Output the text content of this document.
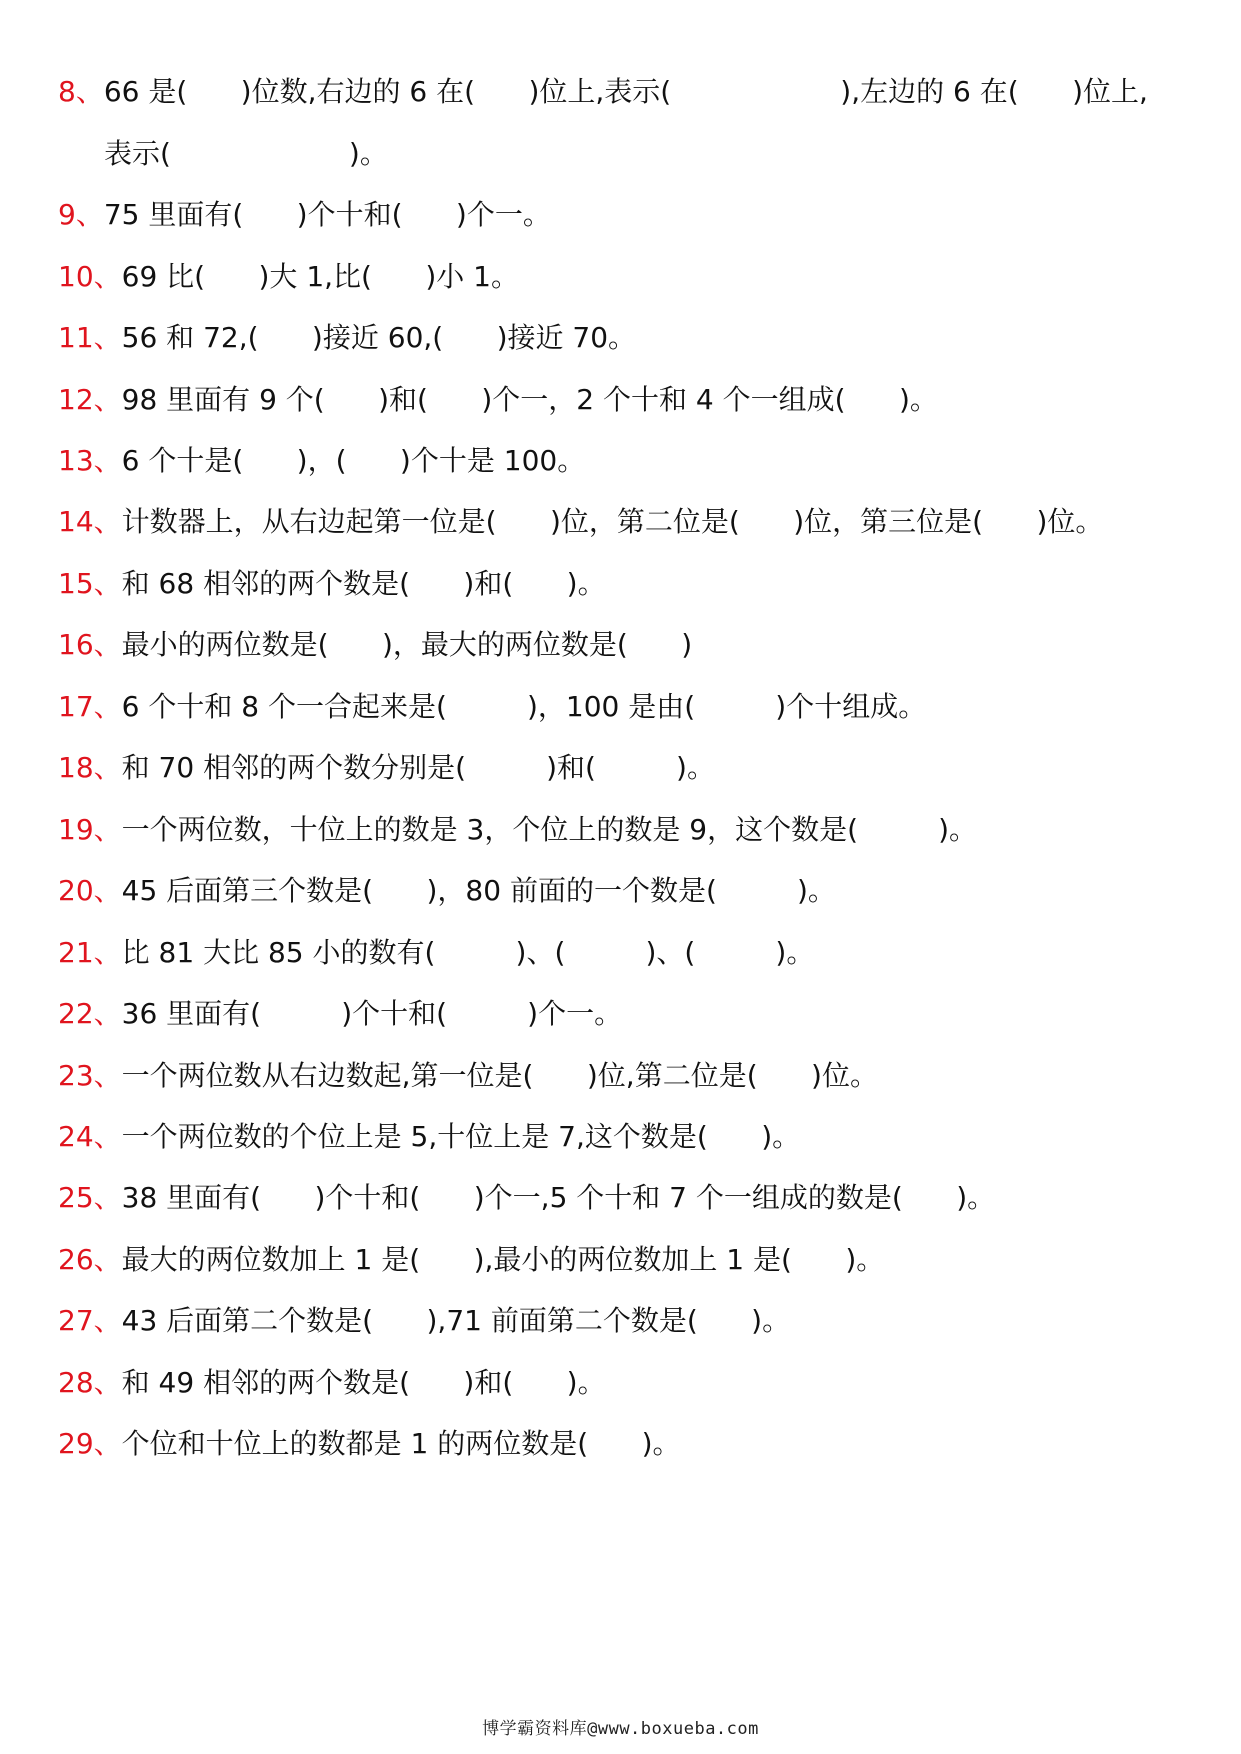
8、66 是(      )位数,右边的 6 在(      )位上,表示(                   ),左边的 6 在(      )位上,
表示(                    )。
9、75 里面有(      )个十和(      )个一。
10、69 比(      )大 1,比(      )小 1。
11、56 和 72,(      )接近 60,(      )接近 70。
12、98 里面有 9 个(      )和(      )个一，2 个十和 4 个一组成(      )。
13、6 个十是(      )，(      )个十是 100。
14、计数器上，从右边起第一位是(      )位，第二位是(      )位，第三位是(      )位。
15、和 68 相邻的两个数是(      )和(      )。
16、最小的两位数是(      )，最大的两位数是(      )
17、6 个十和 8 个一合起来是(         )，100 是由(         )个十组成。
18、和 70 相邻的两个数分别是(         )和(         )。
19、一个两位数，十位上的数是 3，个位上的数是 9，这个数是(         )。
20、45 后面第三个数是(      )，80 前面的一个数是(         )。
21、比 81 大比 85 小的数有(         )、(         )、(         )。
22、36 里面有(         )个十和(         )个一。
23、一个两位数从右边数起,第一位是(      )位,第二位是(      )位。
24、一个两位数的个位上是 5,十位上是 7,这个数是(      )。
25、38 里面有(      )个十和(      )个一,5 个十和 7 个一组成的数是(      )。
26、最大的两位数加上 1 是(      ),最小的两位数加上 1 是(      )。
27、43 后面第二个数是(      ),71 前面第二个数是(      )。
28、和 49 相邻的两个数是(      )和(      )。
29、个位和十位上的数都是 1 的两位数是(      )。
博学霸资料库@www.boxueba.com
